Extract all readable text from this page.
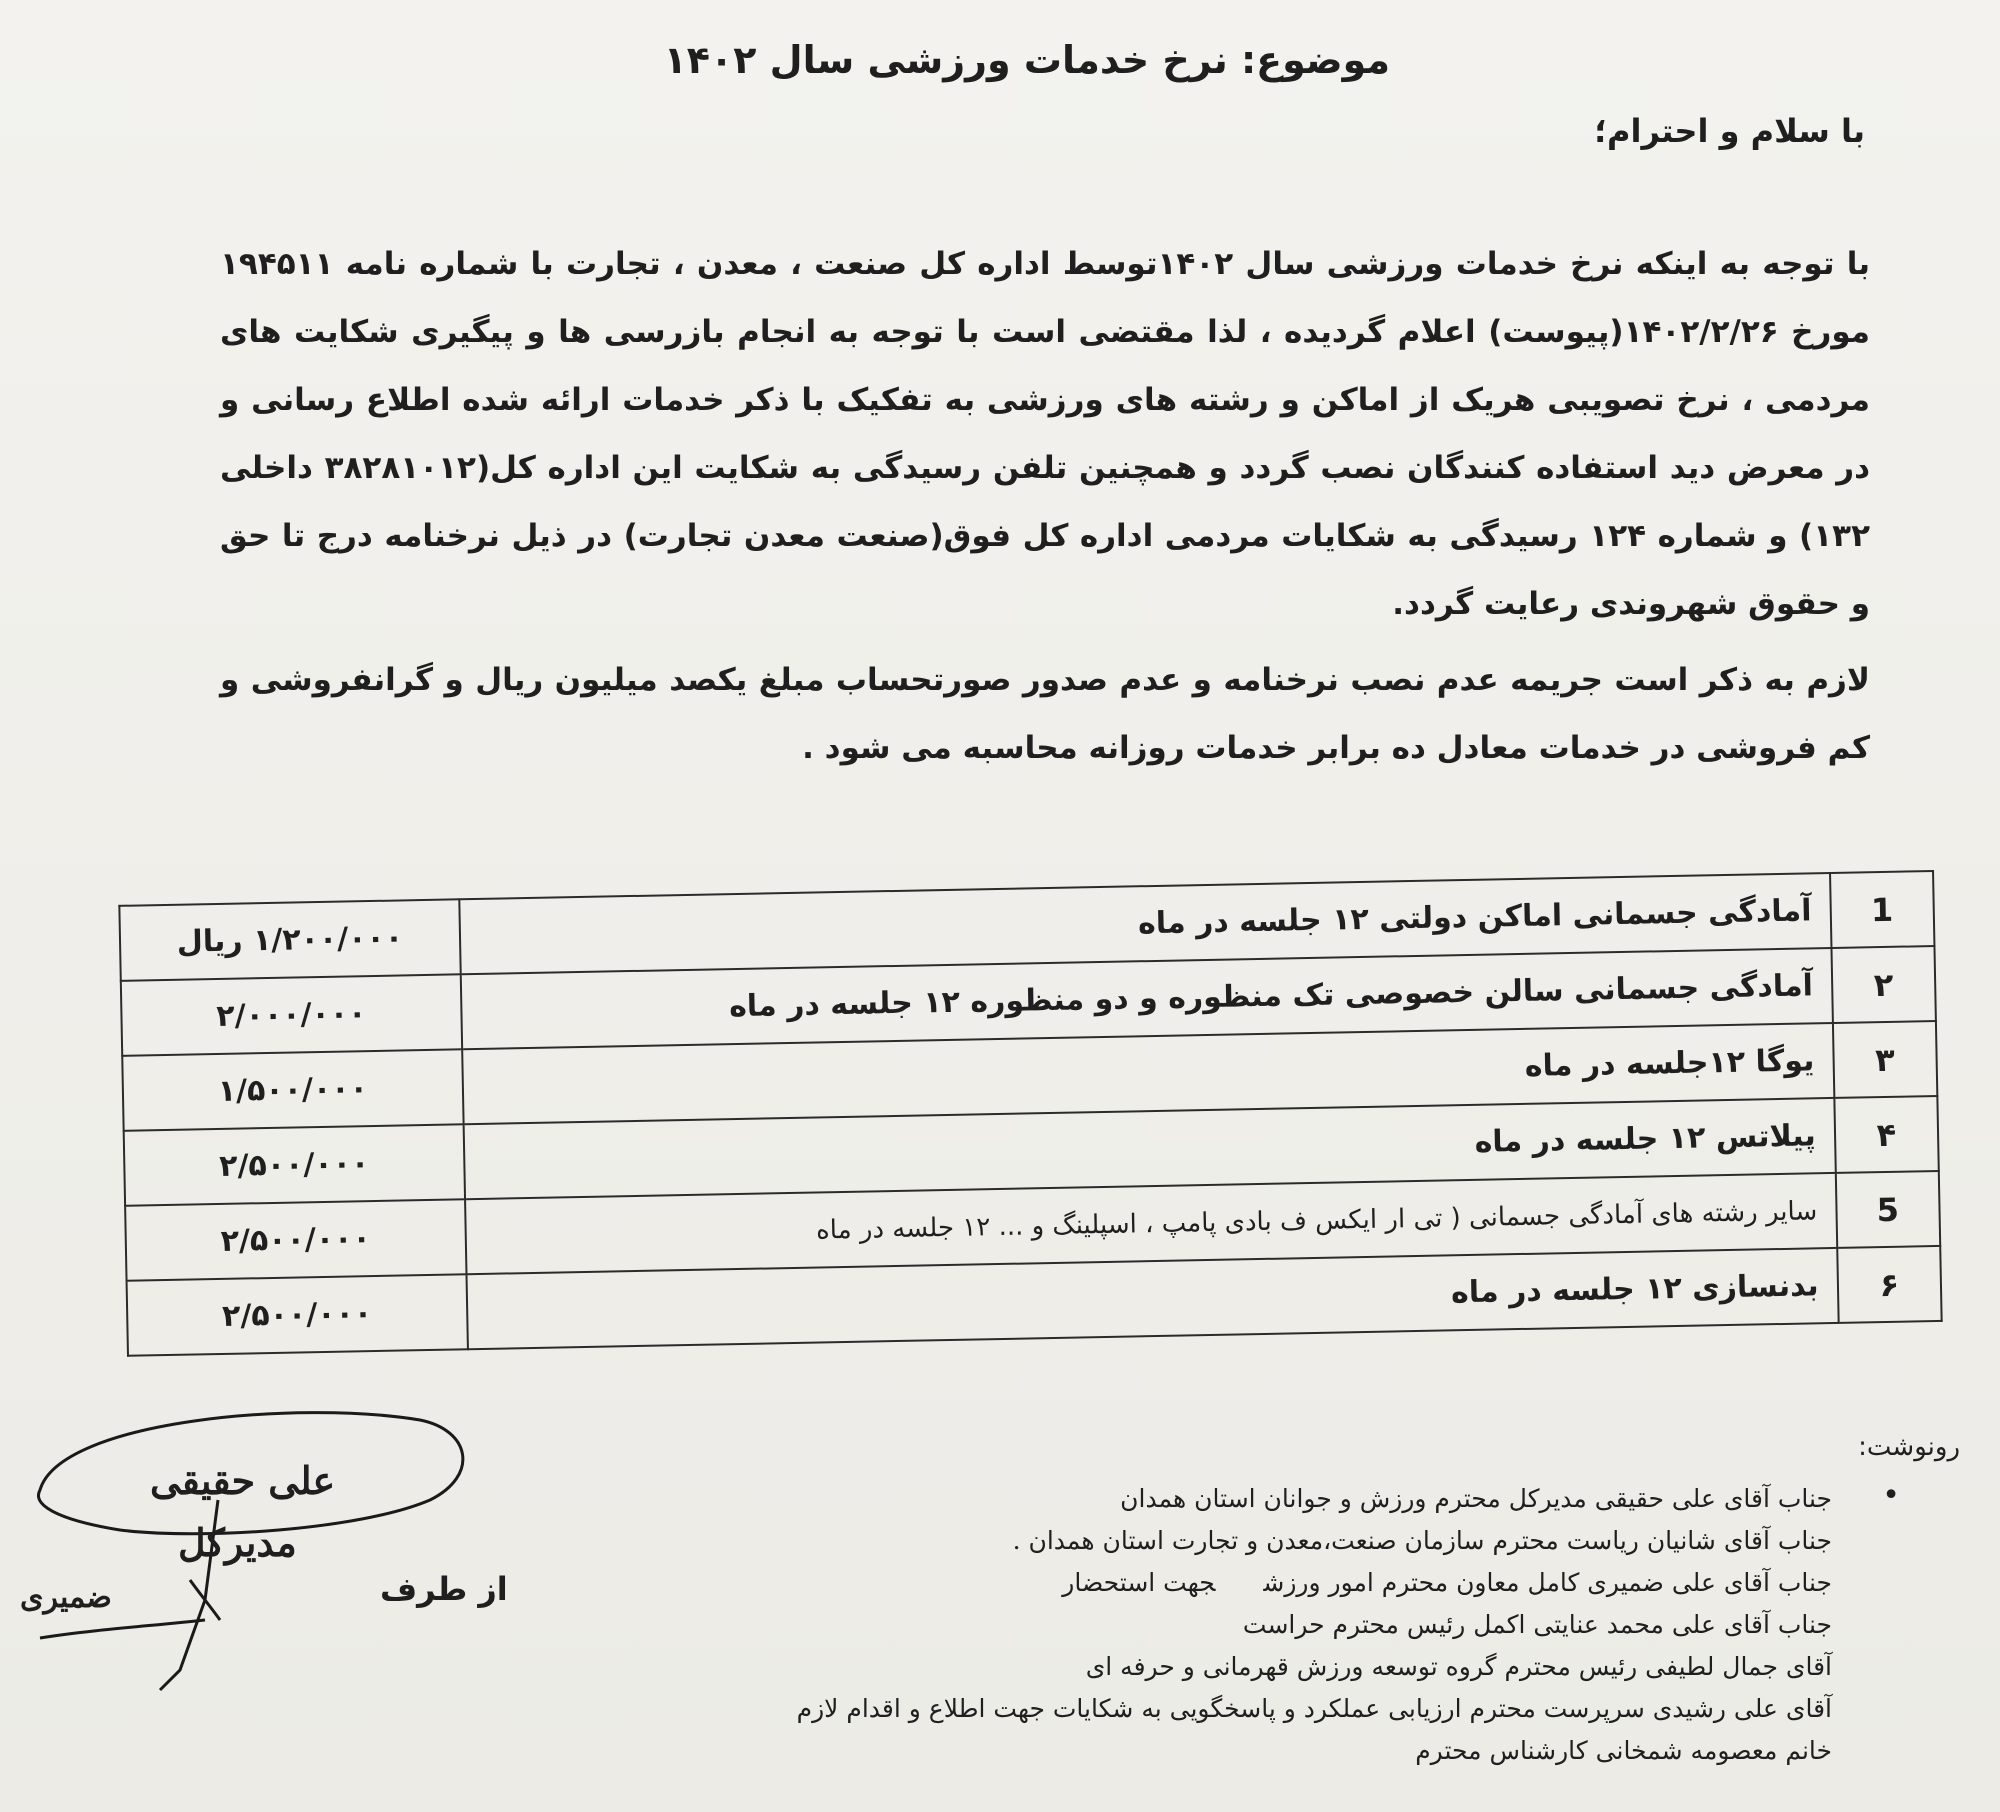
موضوع: نرخ خدمات ورزشی سال ۱۴۰۲
با سلام و احترام؛

با توجه به اینکه نرخ خدمات ورزشی سال ۱۴۰۲توسط اداره کل صنعت ، معدن ، تجارت با شماره نامه ۱۹۴۵۱۱ مورخ ۱۴۰۲/۲/۲۶(پیوست) اعلام گردیده ، لذا مقتضی است با توجه به انجام بازرسی ها و پیگیری شکایت های مردمی ، نرخ تصویبی هریک از اماکن و رشته های ورزشی به تفکیک با ذکر خدمات ارائه شده اطلاع رسانی و در معرض دید استفاده کنندگان نصب گردد و همچنین تلفن رسیدگی به شکایت این اداره کل(۳۸۲۸۱۰۱۲ داخلی ۱۳۲) و شماره ۱۲۴ رسیدگی به شکایات مردمی اداره کل فوق(صنعت معدن تجارت) در ذیل نرخنامه درج تا حق و حقوق شهروندی رعایت گردد.

لازم به ذکر است جریمه عدم نصب نرخنامه و عدم صدور صورتحساب مبلغ یکصد میلیون ریال و گرانفروشی و کم فروشی در خدمات معادل ده برابر خدمات روزانه محاسبه می شود .

۱/۲۰۰/۰۰۰ ریال	آمادگی جسمانی اماکن دولتی ۱۲ جلسه در ماه	1
۲/۰۰۰/۰۰۰	آمادگی جسمانی سالن خصوصی تک منظوره و دو منظوره ۱۲ جلسه در ماه	۲
۱/۵۰۰/۰۰۰	یوگا ۱۲جلسه در ماه	۳
۲/۵۰۰/۰۰۰	پیلاتس ۱۲ جلسه در ماه	۴
۲/۵۰۰/۰۰۰	سایر رشته های آمادگی جسمانی ( تی ار ایکس ف بادی پامپ ، اسپلینگ و ... ۱۲ جلسه در ماه	5
۲/۵۰۰/۰۰۰	بدنسازی ۱۲ جلسه در ماه	۶
رونوشت:
•
جناب آقای علی حقیقی مدیرکل محترم ورزش و جوانان استان همدان
جناب آقای شانیان ریاست محترم سازمان صنعت،معدن و تجارت استان همدان .
جناب آقای علی ضمیری کامل معاون محترم امور ورزشجهت استحضار
جناب آقای علی محمد عنایتی اکمل رئیس محترم حراست
آقای جمال لطیفی رئیس محترم گروه توسعه ورزش قهرمانی و حرفه ای
آقای علی رشیدی سرپرست محترم ارزیابی عملکرد و پاسخگویی به شکایات جهت اطلاع و اقدام لازم
خانم معصومه شمخانی کارشناس محترم
علی حقیقی
مدیرکل
از طرف
ضمیری
